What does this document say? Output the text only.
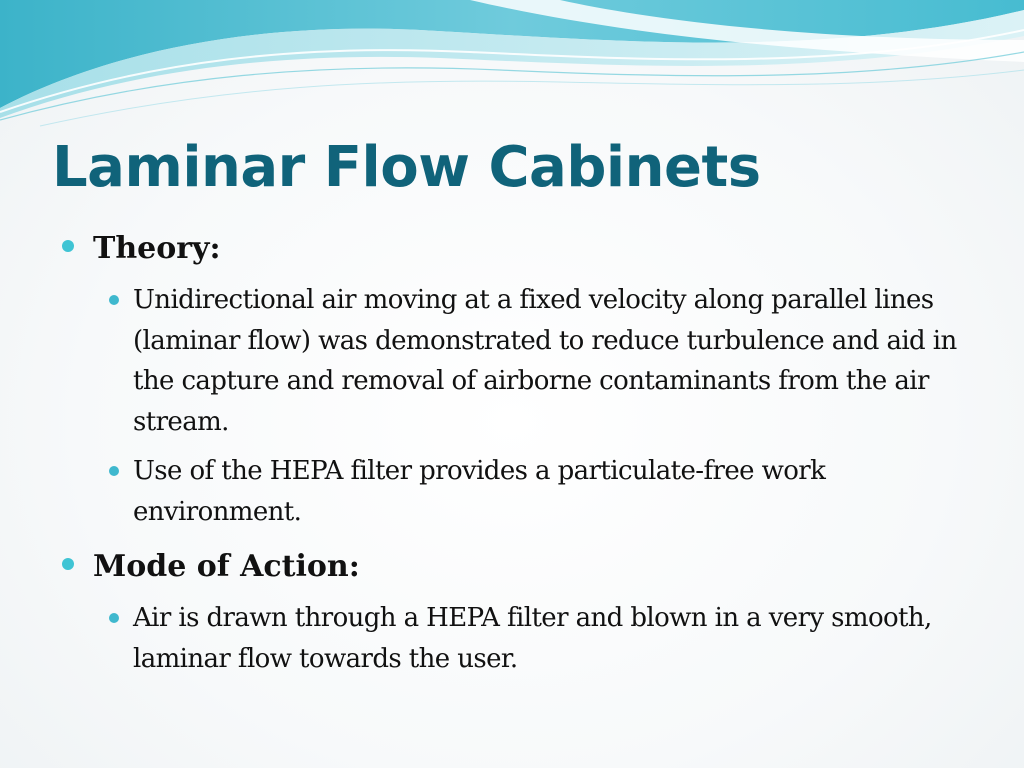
Laminar Flow Cabinets
Theory:
Unidirectional air moving at a fixed velocity along parallel lines (laminar flow) was demonstrated to reduce turbulence and aid in the capture and removal of airborne contaminants from the air stream.
Use of the HEPA filter provides a particulate-free work environment.
Mode of Action:
Air is drawn through a HEPA filter and blown in a very smooth, laminar flow towards the user.
